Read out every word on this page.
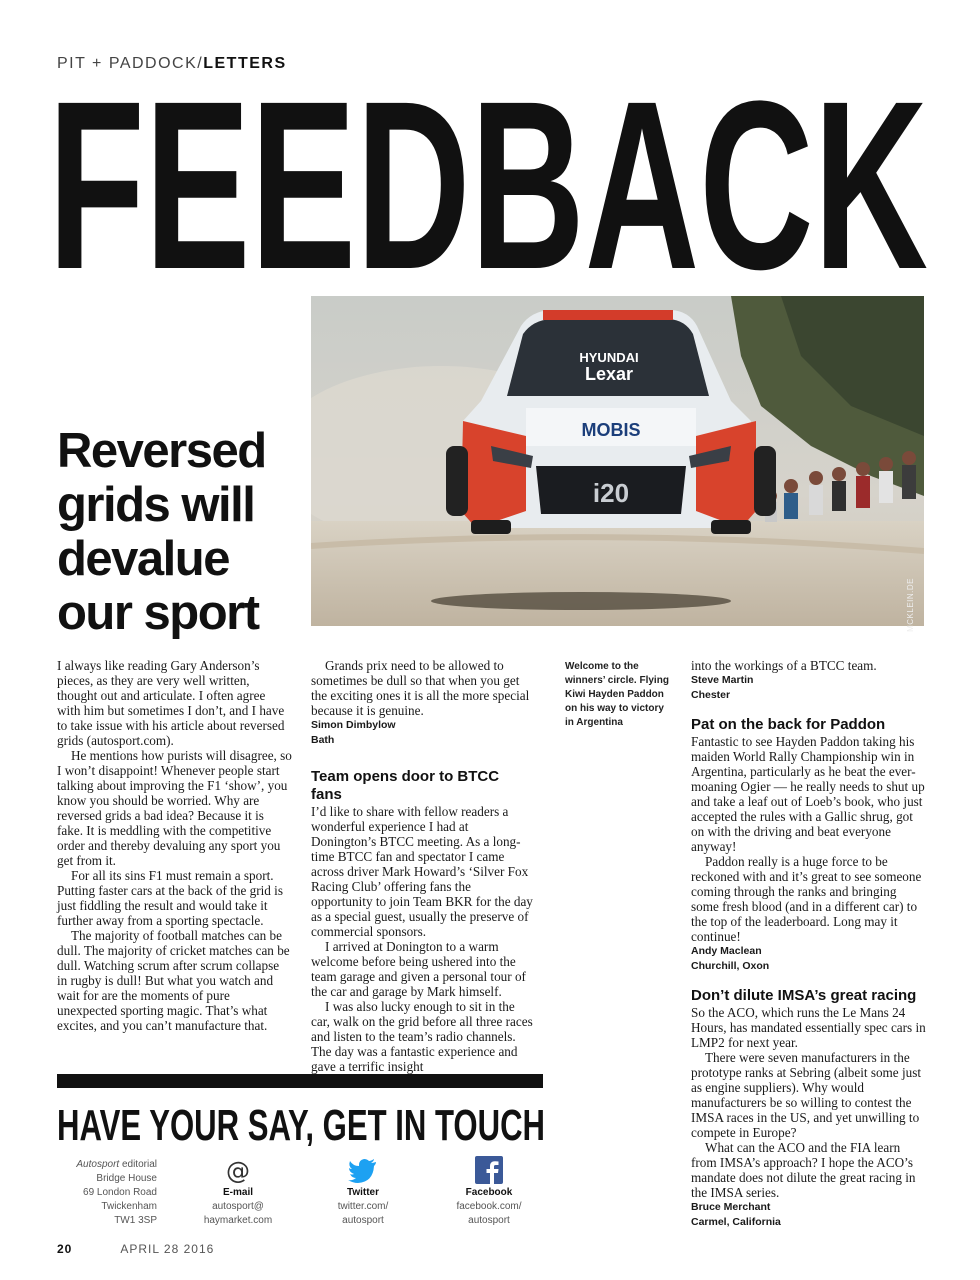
PIT + PADDOCK/LETTERS
FEEDBACK
Reversed grids will devalue our sport
HYUNDAI
Lexar
MOBIS
i20
MCKLEIN.DE

I always like reading Gary Anderson’s pieces, as they are very well written, thought out and articulate. I often agree with him but sometimes I don’t, and I have to take issue with his article about reversed grids (autosport.com).

He mentions how purists will disagree, so I won’t disappoint! Whenever people start talking about improving the F1 ‘show’, you know you should be worried. Why are reversed grids a bad idea? Because it is fake. It is meddling with the competitive order and thereby devaluing any sport you get from it.

For all its sins F1 must remain a sport. Putting faster cars at the back of the grid is just fiddling the result and would take it further away from a sporting spectacle.

The majority of football matches can be dull. The majority of cricket matches can be dull. Watching scrum after scrum collapse in rugby is dull! But what you watch and wait for are the moments of pure unexpected sporting magic. That’s what excites, and you can’t manufacture that.

Grands prix need to be allowed to sometimes be dull so that when you get the exciting ones it is all the more special because it is genuine.

Simon Dimbylow
Bath
Team opens door to BTCC fans

I’d like to share with fellow readers a wonderful experience I had at Donington’s BTCC meeting. As a long-time BTCC fan and spectator I came across driver Mark Howard’s ‘Silver Fox Racing Club’ offering fans the opportunity to join Team BKR for the day as a special guest, usually the preserve of commercial sponsors.

I arrived at Donington to a warm welcome before being ushered into the team garage and given a personal tour of the car and garage by Mark himself.

I was also lucky enough to sit in the car, walk on the grid before all three races and listen to the team’s radio channels. The day was a fantastic experience and gave a terrific insight

Welcome to the winners’ circle. Flying Kiwi Hayden Paddon on his way to victory in Argentina

into the workings of a BTCC team.

Steve Martin
Chester
Pat on the back for Paddon

Fantastic to see Hayden Paddon taking his maiden World Rally Championship win in Argentina, particularly as he beat the ever-moaning Ogier — he really needs to shut up and take a leaf out of Loeb’s book, who just accepted the rules with a Gallic shrug, got on with the driving and beat everyone anyway!

Paddon really is a huge force to be reckoned with and it’s great to see someone coming through the ranks and bringing some fresh blood (and in a different car) to the top of the leaderboard. Long may it continue!

Andy Maclean
Churchill, Oxon
Don’t dilute IMSA’s great racing

So the ACO, which runs the Le Mans 24 Hours, has mandated essentially spec cars in LMP2 for next year.

There were seven manufacturers in the prototype ranks at Sebring (albeit some just as engine suppliers). Why would manufacturers be so willing to contest the IMSA races in the US, and yet unwilling to compete in Europe?

What can the ACO and the FIA learn from IMSA’s approach? I hope the ACO’s mandate does not dilute the great racing in the IMSA series.

Bruce Merchant
Carmel, California
HAVE YOUR SAY, GET IN TOUCH
Autosport editorial
Bridge House
69 London Road
Twickenham
TW1 3SP
@
E-mail
autosport@
haymarket.com
Twitter
twitter.com/
autosport
Facebook
facebook.com/
autosport
20	APRIL 28 2016
